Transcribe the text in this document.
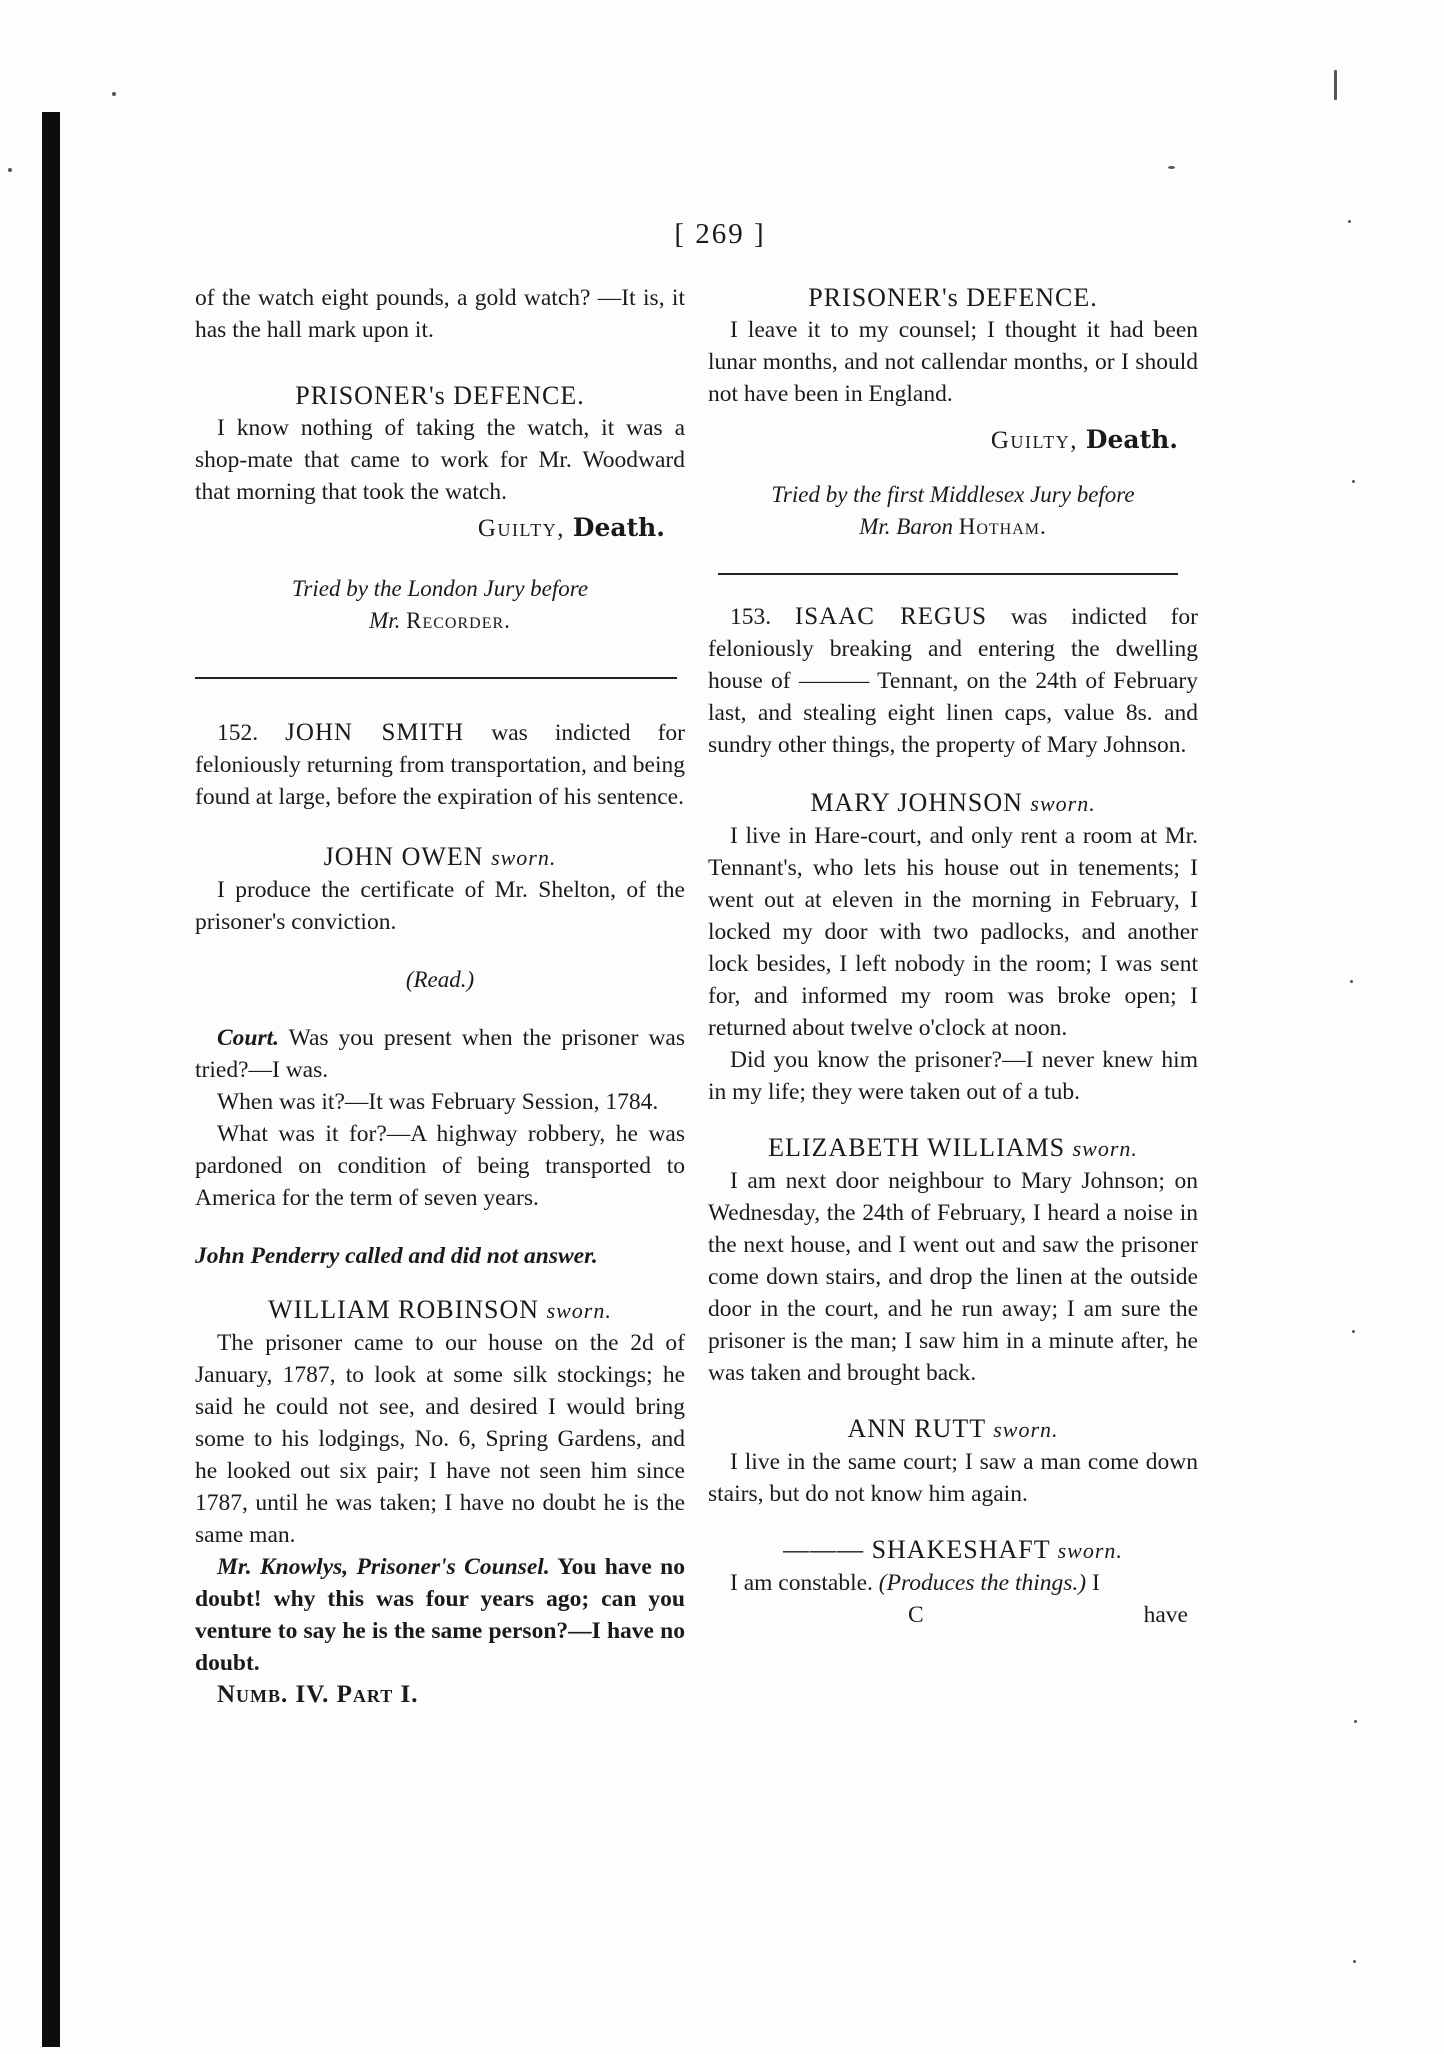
[ 269 ]

of the watch eight pounds, a gold watch? —It is, it has the hall mark upon it.

PRISONER's DEFENCE.

I know nothing of taking the watch, it was a shop-mate that came to work for Mr. Woodward that morning that took the watch.

Guilty, Death.

Tried by the London Jury before

Mr. Recorder.

152. JOHN SMITH was indicted for feloniously returning from transportation, and being found at large, before the expiration of his sentence.

JOHN OWEN sworn.

I produce the certificate of Mr. Shelton, of the prisoner's conviction.

(Read.)

Court. Was you present when the prisoner was tried?—I was.

When was it?—It was February Session, 1784.

What was it for?—A highway robbery, he was pardoned on condition of being transported to America for the term of seven years.

John Penderry called and did not answer.

WILLIAM ROBINSON sworn.

The prisoner came to our house on the 2d of January, 1787, to look at some silk stockings; he said he could not see, and desired I would bring some to his lodgings, No. 6, Spring Gardens, and he looked out six pair; I have not seen him since 1787, until he was taken; I have no doubt he is the same man.

Mr. Knowlys, Prisoner's Counsel. You have no doubt! why this was four years ago; can you venture to say he is the same person?—I have no doubt.

Numb. IV. Part I.

PRISONER's DEFENCE.

I leave it to my counsel; I thought it had been lunar months, and not callendar months, or I should not have been in England.

Guilty, Death.

Tried by the first Middlesex Jury before

Mr. Baron Hotham.

153. ISAAC REGUS was indicted for feloniously breaking and entering the dwelling house of ——— Tennant, on the 24th of February last, and stealing eight linen caps, value 8s. and sundry other things, the property of Mary Johnson.

MARY JOHNSON sworn.

I live in Hare-court, and only rent a room at Mr. Tennant's, who lets his house out in tenements; I went out at eleven in the morning in February, I locked my door with two padlocks, and another lock besides, I left nobody in the room; I was sent for, and informed my room was broke open; I returned about twelve o'clock at noon.

Did you know the prisoner?—I never knew him in my life; they were taken out of a tub.

ELIZABETH WILLIAMS sworn.

I am next door neighbour to Mary Johnson; on Wednesday, the 24th of February, I heard a noise in the next house, and I went out and saw the prisoner come down stairs, and drop the linen at the outside door in the court, and he run away; I am sure the prisoner is the man; I saw him in a minute after, he was taken and brought back.

ANN RUTT sworn.

I live in the same court; I saw a man come down stairs, but do not know him again.

——— SHAKESHAFT sworn.

I am constable. (Produces the things.) I

C	have
